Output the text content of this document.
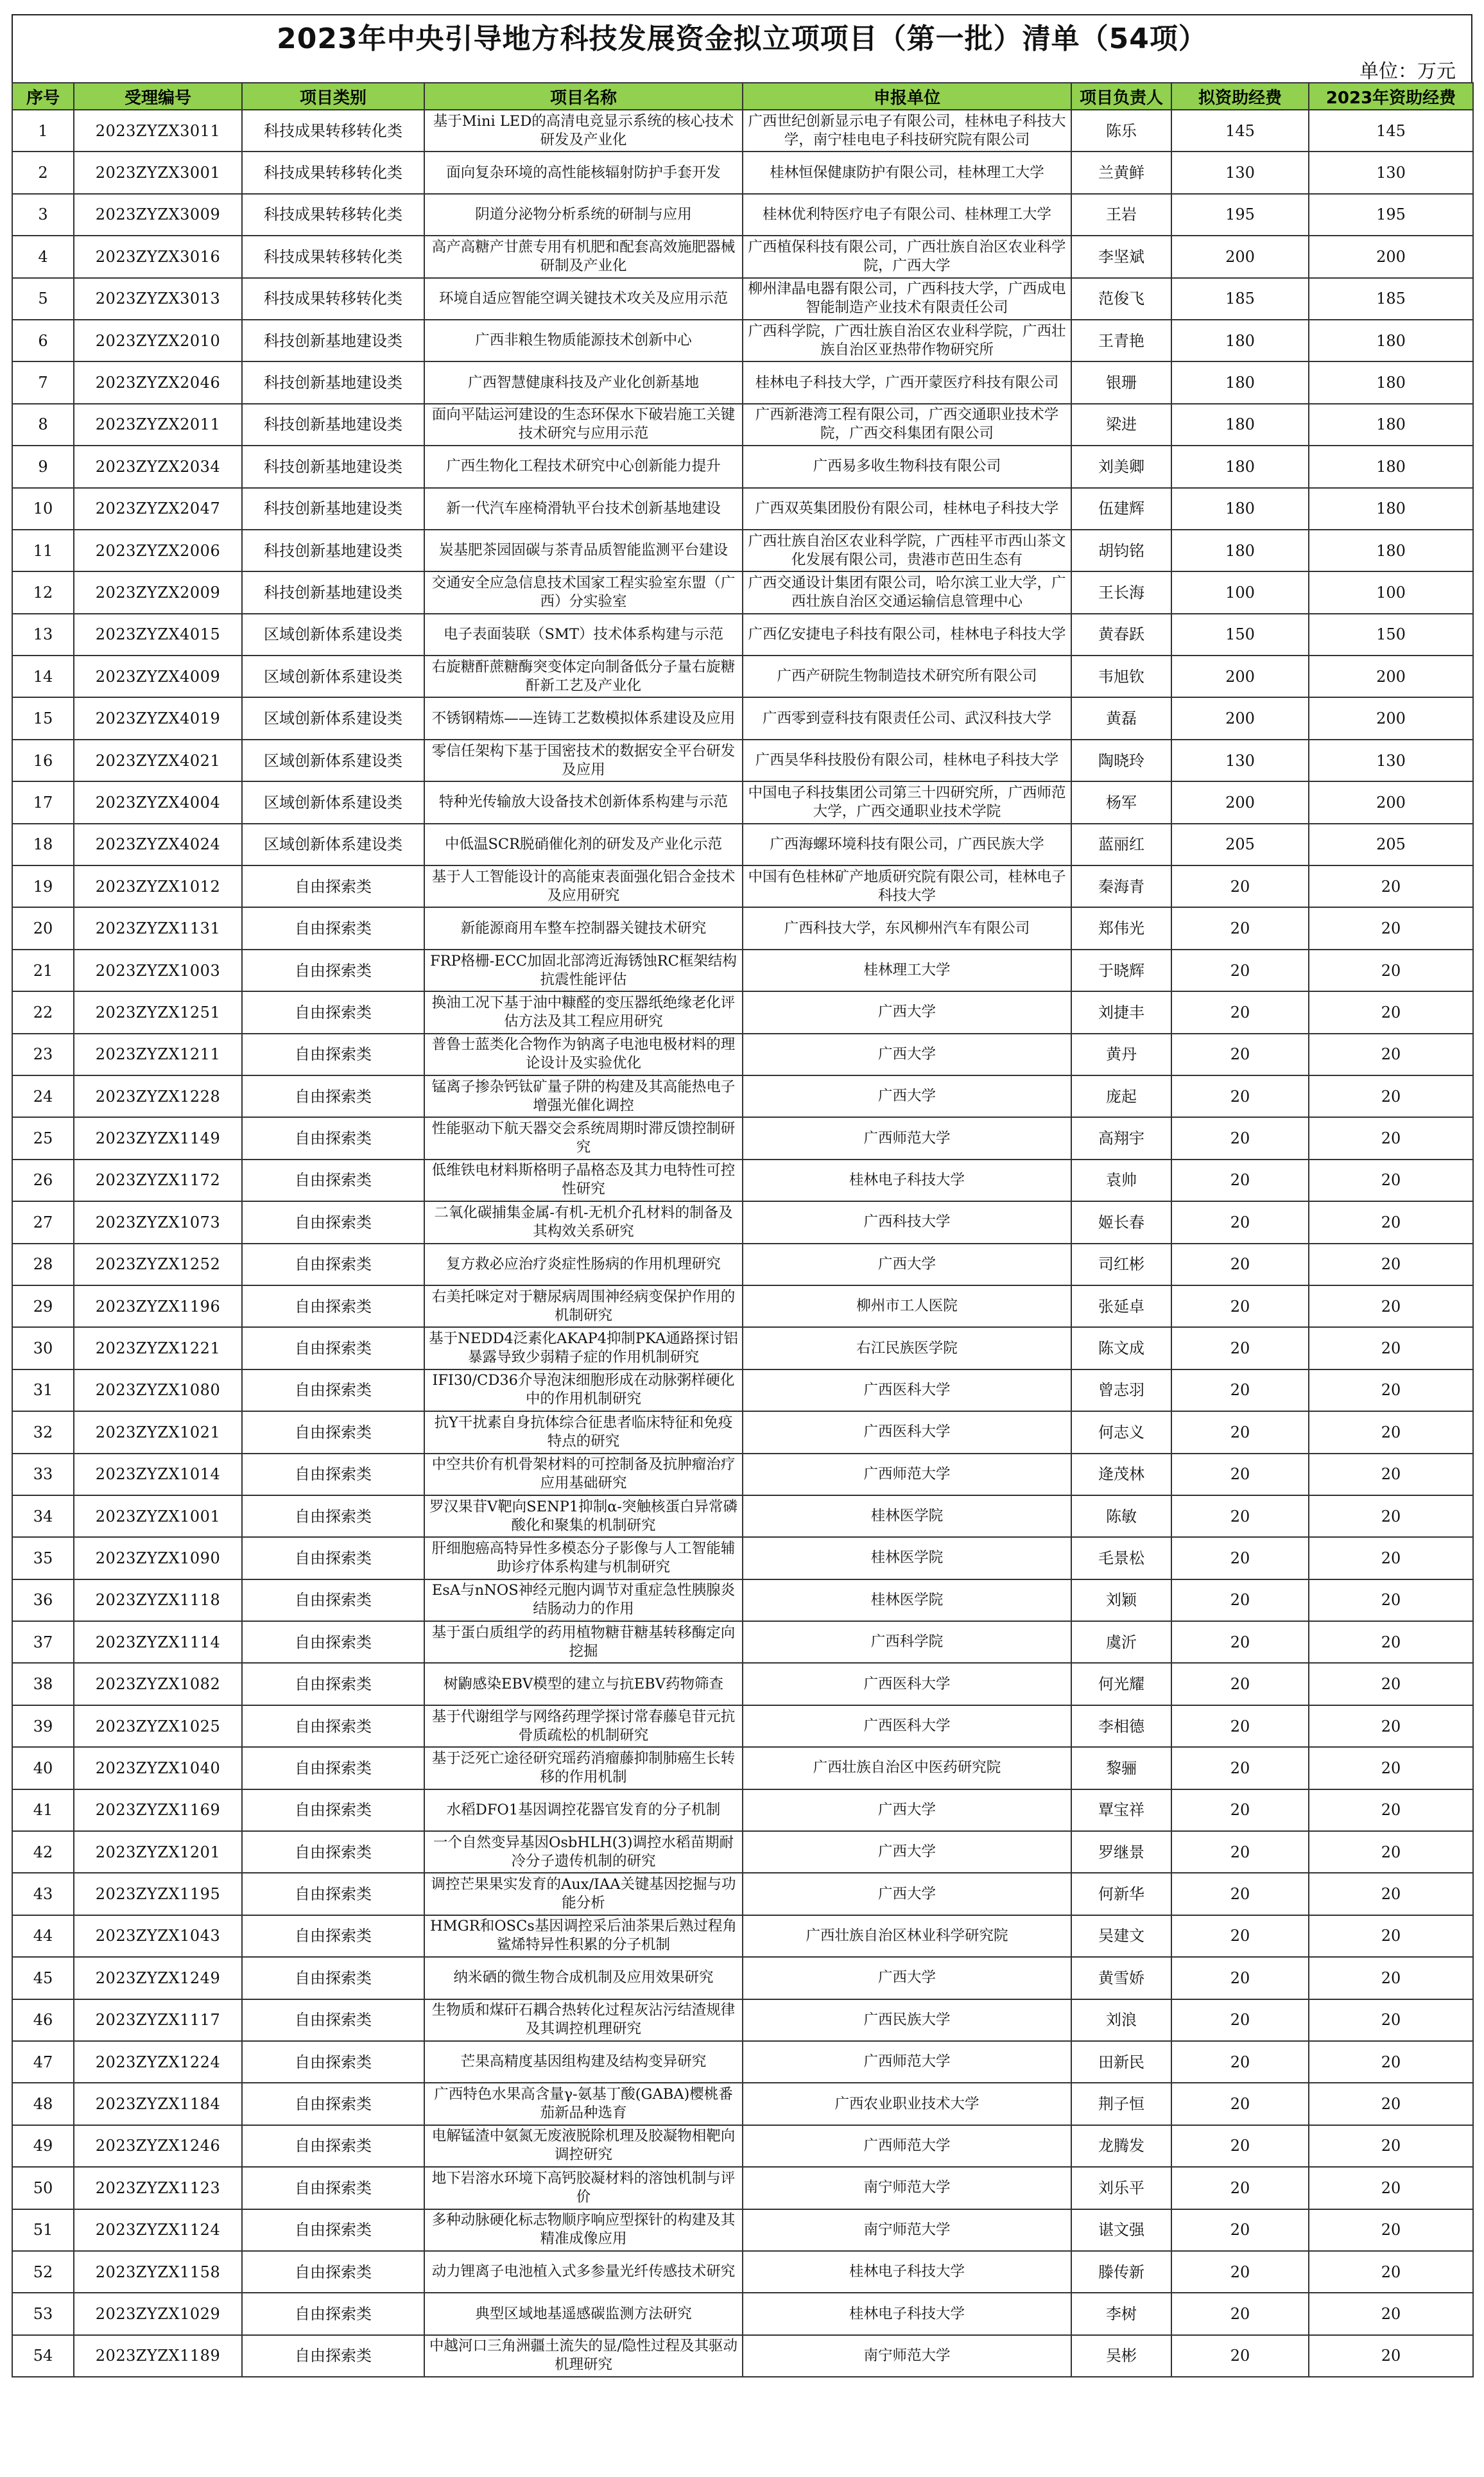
2023年中央引导地方科技发展资金拟立项项目（第一批）清单（54项）
单位：万元
序号	受理编号	项目类别	项目名称	申报单位	项目负责人	拟资助经费	2023年资助经费
1	2023ZYZX3011	科技成果转移转化类	基于Mini LED的高清电竞显示系统的核心技术研发及产业化	广西世纪创新显示电子有限公司，桂林电子科技大学，南宁桂电电子科技研究院有限公司	陈乐	145	145
2	2023ZYZX3001	科技成果转移转化类	面向复杂环境的高性能核辐射防护手套开发	桂林恒保健康防护有限公司，桂林理工大学	兰黄鲜	130	130
3	2023ZYZX3009	科技成果转移转化类	阴道分泌物分析系统的研制与应用	桂林优利特医疗电子有限公司、桂林理工大学	王岩	195	195
4	2023ZYZX3016	科技成果转移转化类	高产高糖产甘蔗专用有机肥和配套高效施肥器械研制及产业化	广西植保科技有限公司，广西壮族自治区农业科学院，广西大学	李坚斌	200	200
5	2023ZYZX3013	科技成果转移转化类	环境自适应智能空调关键技术攻关及应用示范	柳州津晶电器有限公司，广西科技大学，广西成电智能制造产业技术有限责任公司	范俊飞	185	185
6	2023ZYZX2010	科技创新基地建设类	广西非粮生物质能源技术创新中心	广西科学院，广西壮族自治区农业科学院，广西壮族自治区亚热带作物研究所	王青艳	180	180
7	2023ZYZX2046	科技创新基地建设类	广西智慧健康科技及产业化创新基地	桂林电子科技大学，广西开蒙医疗科技有限公司	银珊	180	180
8	2023ZYZX2011	科技创新基地建设类	面向平陆运河建设的生态环保水下破岩施工关键技术研究与应用示范	广西新港湾工程有限公司，广西交通职业技术学院，广西交科集团有限公司	梁进	180	180
9	2023ZYZX2034	科技创新基地建设类	广西生物化工程技术研究中心创新能力提升	广西易多收生物科技有限公司	刘美卿	180	180
10	2023ZYZX2047	科技创新基地建设类	新一代汽车座椅滑轨平台技术创新基地建设	广西双英集团股份有限公司，桂林电子科技大学	伍建辉	180	180
11	2023ZYZX2006	科技创新基地建设类	炭基肥茶园固碳与茶青品质智能监测平台建设	广西壮族自治区农业科学院，广西桂平市西山茶文化发展有限公司，贵港市芭田生态有	胡钧铭	180	180
12	2023ZYZX2009	科技创新基地建设类	交通安全应急信息技术国家工程实验室东盟（广西）分实验室	广西交通设计集团有限公司，哈尔滨工业大学，广西壮族自治区交通运输信息管理中心	王长海	100	100
13	2023ZYZX4015	区域创新体系建设类	电子表面装联（SMT）技术体系构建与示范	广西亿安捷电子科技有限公司，桂林电子科技大学	黄春跃	150	150
14	2023ZYZX4009	区域创新体系建设类	右旋糖酐蔗糖酶突变体定向制备低分子量右旋糖酐新工艺及产业化	广西产研院生物制造技术研究所有限公司	韦旭钦	200	200
15	2023ZYZX4019	区域创新体系建设类	不锈钢精炼——连铸工艺数模拟体系建设及应用	广西零到壹科技有限责任公司、武汉科技大学	黄磊	200	200
16	2023ZYZX4021	区域创新体系建设类	零信任架构下基于国密技术的数据安全平台研发及应用	广西昊华科技股份有限公司，桂林电子科技大学	陶晓玲	130	130
17	2023ZYZX4004	区域创新体系建设类	特种光传输放大设备技术创新体系构建与示范	中国电子科技集团公司第三十四研究所，广西师范大学，广西交通职业技术学院	杨军	200	200
18	2023ZYZX4024	区域创新体系建设类	中低温SCR脱硝催化剂的研发及产业化示范	广西海螺环境科技有限公司，广西民族大学	蓝丽红	205	205
19	2023ZYZX1012	自由探索类	基于人工智能设计的高能束表面强化铝合金技术及应用研究	中国有色桂林矿产地质研究院有限公司，桂林电子科技大学	秦海青	20	20
20	2023ZYZX1131	自由探索类	新能源商用车整车控制器关键技术研究	广西科技大学，东风柳州汽车有限公司	郑伟光	20	20
21	2023ZYZX1003	自由探索类	FRP格栅-ECC加固北部湾近海锈蚀RC框架结构抗震性能评估	桂林理工大学	于晓辉	20	20
22	2023ZYZX1251	自由探索类	换油工况下基于油中糠醛的变压器纸绝缘老化评估方法及其工程应用研究	广西大学	刘捷丰	20	20
23	2023ZYZX1211	自由探索类	普鲁士蓝类化合物作为钠离子电池电极材料的理论设计及实验优化	广西大学	黄丹	20	20
24	2023ZYZX1228	自由探索类	锰离子掺杂钙钛矿量子阱的构建及其高能热电子增强光催化调控	广西大学	庞起	20	20
25	2023ZYZX1149	自由探索类	性能驱动下航天器交会系统周期时滞反馈控制研究	广西师范大学	高翔宇	20	20
26	2023ZYZX1172	自由探索类	低维铁电材料斯格明子晶格态及其力电特性可控性研究	桂林电子科技大学	袁帅	20	20
27	2023ZYZX1073	自由探索类	二氧化碳捕集金属-有机-无机介孔材料的制备及其构效关系研究	广西科技大学	姬长春	20	20
28	2023ZYZX1252	自由探索类	复方救必应治疗炎症性肠病的作用机理研究	广西大学	司红彬	20	20
29	2023ZYZX1196	自由探索类	右美托咪定对于糖尿病周围神经病变保护作用的机制研究	柳州市工人医院	张延卓	20	20
30	2023ZYZX1221	自由探索类	基于NEDD4泛素化AKAP4抑制PKA通路探讨铝暴露导致少弱精子症的作用机制研究	右江民族医学院	陈文成	20	20
31	2023ZYZX1080	自由探索类	IFI30/CD36介导泡沫细胞形成在动脉粥样硬化中的作用机制研究	广西医科大学	曾志羽	20	20
32	2023ZYZX1021	自由探索类	抗Y干扰素自身抗体综合征患者临床特征和免疫特点的研究	广西医科大学	何志义	20	20
33	2023ZYZX1014	自由探索类	中空共价有机骨架材料的可控制备及抗肿瘤治疗应用基础研究	广西师范大学	逄茂林	20	20
34	2023ZYZX1001	自由探索类	罗汉果苷V靶向SENP1抑制α-突触核蛋白异常磷酸化和聚集的机制研究	桂林医学院	陈敏	20	20
35	2023ZYZX1090	自由探索类	肝细胞癌高特异性多模态分子影像与人工智能辅助诊疗体系构建与机制研究	桂林医学院	毛景松	20	20
36	2023ZYZX1118	自由探索类	EsA与nNOS神经元胞内调节对重症急性胰腺炎结肠动力的作用	桂林医学院	刘颖	20	20
37	2023ZYZX1114	自由探索类	基于蛋白质组学的药用植物糖苷糖基转移酶定向挖掘	广西科学院	虞沂	20	20
38	2023ZYZX1082	自由探索类	树鼩感染EBV模型的建立与抗EBV药物筛查	广西医科大学	何光耀	20	20
39	2023ZYZX1025	自由探索类	基于代谢组学与网络药理学探讨常春藤皂苷元抗骨质疏松的机制研究	广西医科大学	李相德	20	20
40	2023ZYZX1040	自由探索类	基于泛死亡途径研究瑶药消瘤藤抑制肺癌生长转移的作用机制	广西壮族自治区中医药研究院	黎骊	20	20
41	2023ZYZX1169	自由探索类	水稻DFO1基因调控花器官发育的分子机制	广西大学	覃宝祥	20	20
42	2023ZYZX1201	自由探索类	一个自然变异基因OsbHLH(3)调控水稻苗期耐冷分子遗传机制的研究	广西大学	罗继景	20	20
43	2023ZYZX1195	自由探索类	调控芒果果实发育的Aux/IAA关键基因挖掘与功能分析	广西大学	何新华	20	20
44	2023ZYZX1043	自由探索类	HMGR和OSCs基因调控采后油茶果后熟过程角鲨烯特异性积累的分子机制	广西壮族自治区林业科学研究院	吴建文	20	20
45	2023ZYZX1249	自由探索类	纳米硒的微生物合成机制及应用效果研究	广西大学	黄雪娇	20	20
46	2023ZYZX1117	自由探索类	生物质和煤矸石耦合热转化过程灰沾污结渣规律及其调控机理研究	广西民族大学	刘浪	20	20
47	2023ZYZX1224	自由探索类	芒果高精度基因组构建及结构变异研究	广西师范大学	田新民	20	20
48	2023ZYZX1184	自由探索类	广西特色水果高含量γ-氨基丁酸(GABA)樱桃番茄新品种选育	广西农业职业技术大学	荆子恒	20	20
49	2023ZYZX1246	自由探索类	电解锰渣中氨氮无废液脱除机理及胶凝物相靶向调控研究	广西师范大学	龙腾发	20	20
50	2023ZYZX1123	自由探索类	地下岩溶水环境下高钙胶凝材料的溶蚀机制与评价	南宁师范大学	刘乐平	20	20
51	2023ZYZX1124	自由探索类	多种动脉硬化标志物顺序响应型探针的构建及其精准成像应用	南宁师范大学	谌文强	20	20
52	2023ZYZX1158	自由探索类	动力锂离子电池植入式多参量光纤传感技术研究	桂林电子科技大学	滕传新	20	20
53	2023ZYZX1029	自由探索类	典型区域地基遥感碳监测方法研究	桂林电子科技大学	李树	20	20
54	2023ZYZX1189	自由探索类	中越河口三角洲疆土流失的显/隐性过程及其驱动机理研究	南宁师范大学	吴彬	20	20
